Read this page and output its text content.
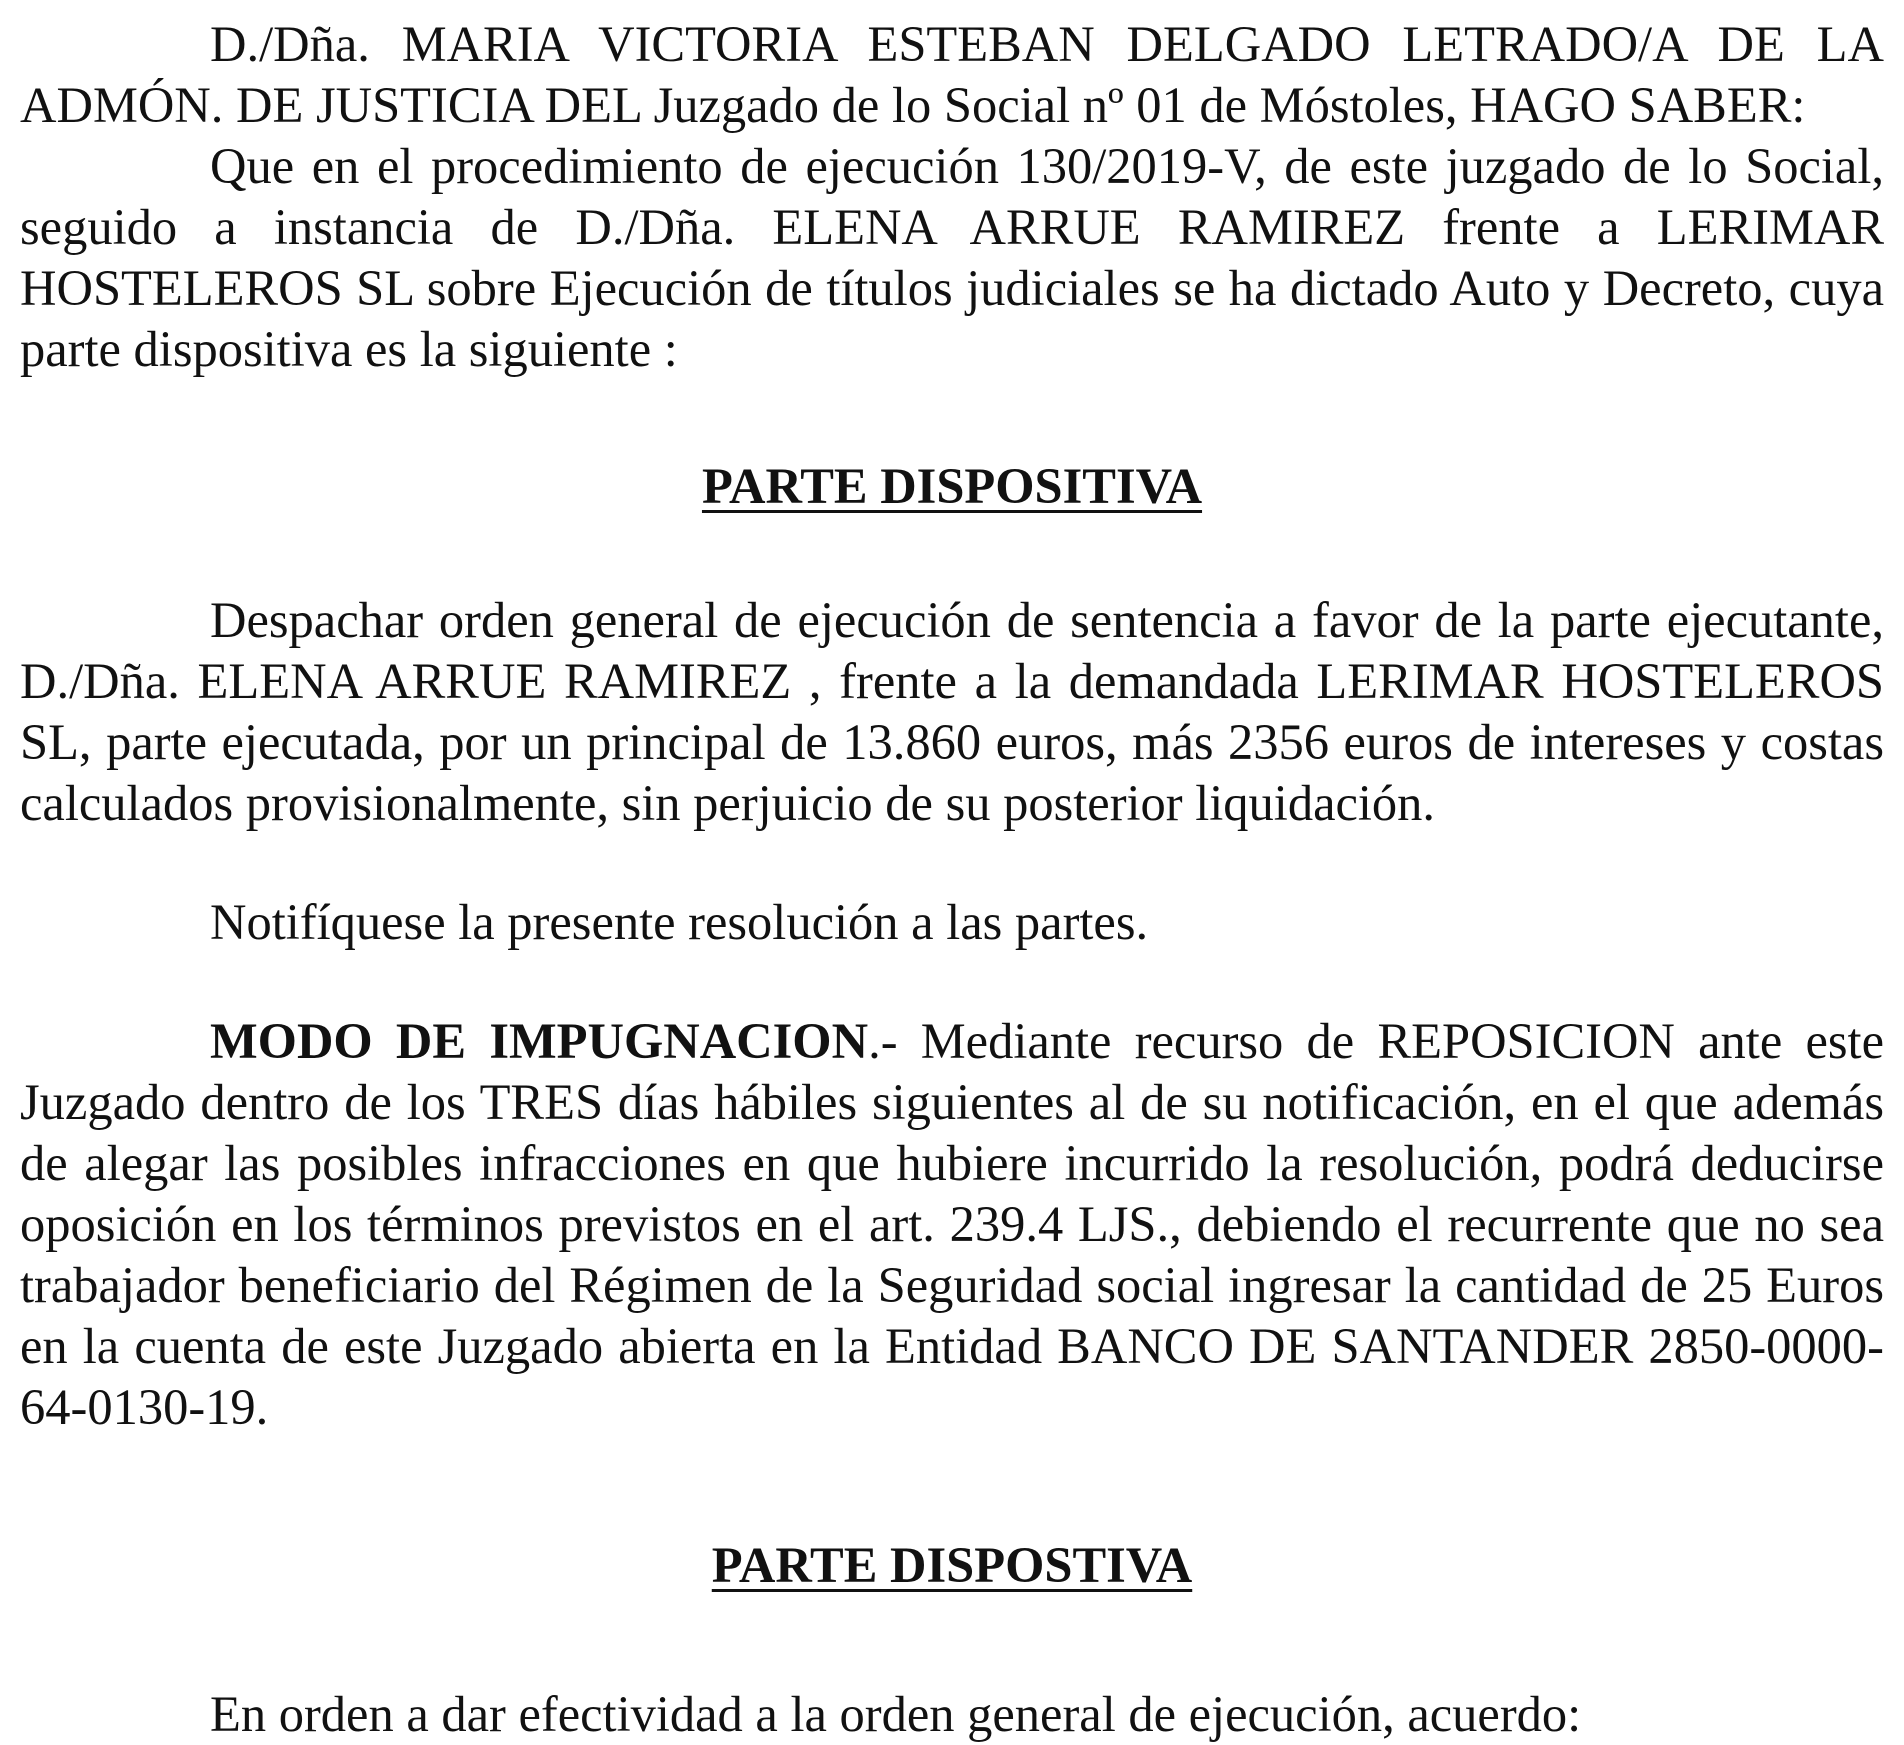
D./Dña. MARIA VICTORIA ESTEBAN DELGADO LETRADO/A DE LA ADMÓN. DE JUSTICIA DEL Juzgado de lo Social nº 01 de Móstoles, HAGO SABER:

Que en el procedimiento de ejecución 130/2019-V, de este juzgado de lo Social, seguido a instancia de D./Dña. ELENA ARRUE RAMIREZ frente a LERIMAR HOSTELEROS SL sobre Ejecución de títulos judiciales se ha dictado Auto y Decreto, cuya parte dispositiva es la siguiente :

PARTE DISPOSITIVA

Despachar orden general de ejecución de sentencia a favor de la parte ejecutante, D./Dña. ELENA ARRUE RAMIREZ , frente a la demandada LERIMAR HOSTELEROS SL, parte ejecutada, por un principal de 13.860 euros, más 2356 euros de intereses y costas calculados provisionalmente, sin perjuicio de su posterior liquidación.

Notifíquese la presente resolución a las partes.

MODO DE IMPUGNACION.- Mediante recurso de REPOSICION ante este Juzgado dentro de los TRES días hábiles siguientes al de su notificación, en el que además de alegar las posibles infracciones en que hubiere incurrido la resolución, podrá deducirse oposición en los términos previstos en el art. 239.4 LJS., debiendo el recurrente que no sea trabajador beneficiario del Régimen de la Seguridad social ingresar la cantidad de 25 Euros en la cuenta de este Juzgado abierta en la Entidad BANCO DE SANTANDER 2850-0000-64-0130-19.

PARTE DISPOSTIVA

En orden a dar efectividad a la orden general de ejecución, acuerdo:
